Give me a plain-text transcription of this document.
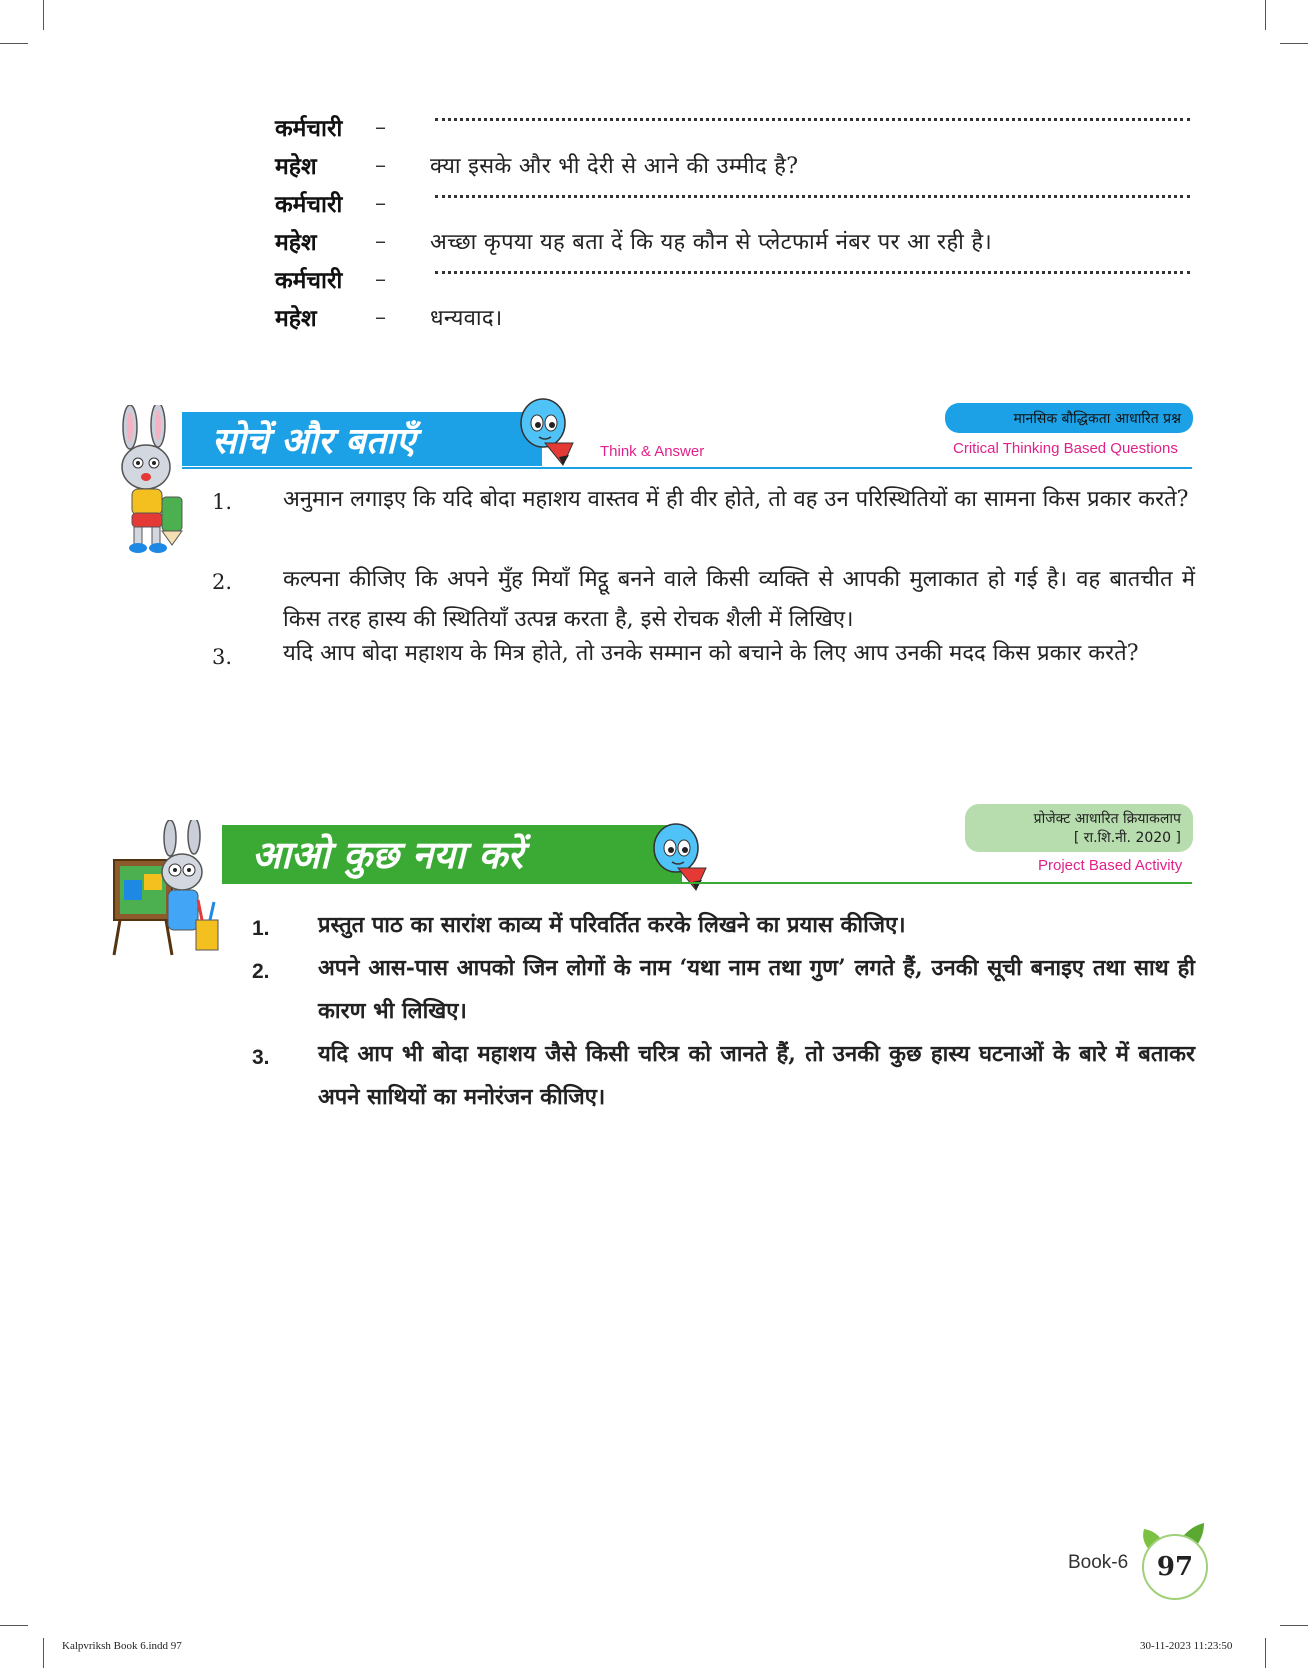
कर्मचारी	–
महेश	–	क्या इसके और भी देरी से आने की उम्मीद है?
कर्मचारी	–
महेश	–	अच्छा कृपया यह बता दें कि यह कौन से प्लेटफार्म नंबर पर आ रही है।
कर्मचारी	–
महेश	–	धन्यवाद।
सोचें और बताएँ	Think & Answer
मानसिक बौद्धिकता आधारित प्रश्न
Critical Thinking Based Questions
1. अनुमान लगाइए कि यदि बोदा महाशय वास्तव में ही वीर होते, तो वह उन परिस्थितियों का सामना किस प्रकार करते?
2. कल्पना कीजिए कि अपने मुँह मियाँ मिट्ठू बनने वाले किसी व्यक्ति से आपकी मुलाकात हो गई है। वह बातचीत में किस तरह हास्य की स्थितियाँ उत्पन्न करता है, इसे रोचक शैली में लिखिए।
3. यदि आप बोदा महाशय के मित्र होते, तो उनके सम्मान को बचाने के लिए आप उनकी मदद किस प्रकार करते?
आओ कुछ नया करें
प्रोजेक्ट आधारित क्रियाकलाप
[ रा.शि.नी. 2020 ]
Project Based Activity
1. प्रस्तुत पाठ का सारांश काव्य में परिवर्तित करके लिखने का प्रयास कीजिए।
2. अपने आस-पास आपको जिन लोगों के नाम ‘यथा नाम तथा गुण’ लगते हैं, उनकी सूची बनाइए तथा साथ ही कारण भी लिखिए।
3. यदि आप भी बोदा महाशय जैसे किसी चरित्र को जानते हैं, तो उनकी कुछ हास्य घटनाओं के बारे में बताकर अपने साथियों का मनोरंजन कीजिए।
Book-6 97
Kalpvriksh Book 6.indd 97	30-11-2023 11:23:50
